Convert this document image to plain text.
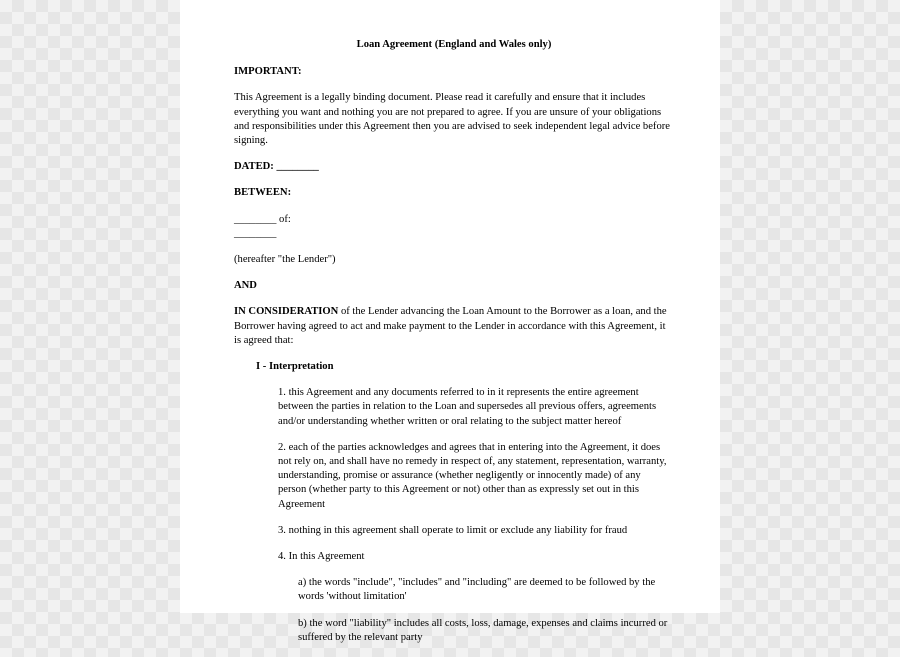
Loan Agreement (England and Wales only)

IMPORTANT:

This Agreement is a legally binding document. Please read it carefully and ensure that it includes
everything you want and nothing you are not prepared to agree. If you are unsure of your obligations
and responsibilities under this Agreement then you are advised to seek independent legal advice before
signing.

DATED: ________

BETWEEN:

________ of:
________

(hereafter "the Lender")

AND

IN CONSIDERATION of the Lender advancing the Loan Amount to the Borrower as a loan, and the
Borrower having agreed to act and make payment to the Lender in accordance with this Agreement, it
is agreed that:

I - Interpretation

1. this Agreement and any documents referred to in it represents the entire agreement
between the parties in relation to the Loan and supersedes all previous offers, agreements
and/or understanding whether written or oral relating to the subject matter hereof

2. each of the parties acknowledges and agrees that in entering into the Agreement, it does
not rely on, and shall have no remedy in respect of, any statement, representation, warranty,
understanding, promise or assurance (whether negligently or innocently made) of any
person (whether party to this Agreement or not) other than as expressly set out in this
Agreement

3. nothing in this agreement shall operate to limit or exclude any liability for fraud

4. In this Agreement

a) the words "include", "includes" and "including" are deemed to be followed by the
words 'without limitation'

b) the word "liability" includes all costs, loss, damage, expenses and claims incurred or
suffered by the relevant party
